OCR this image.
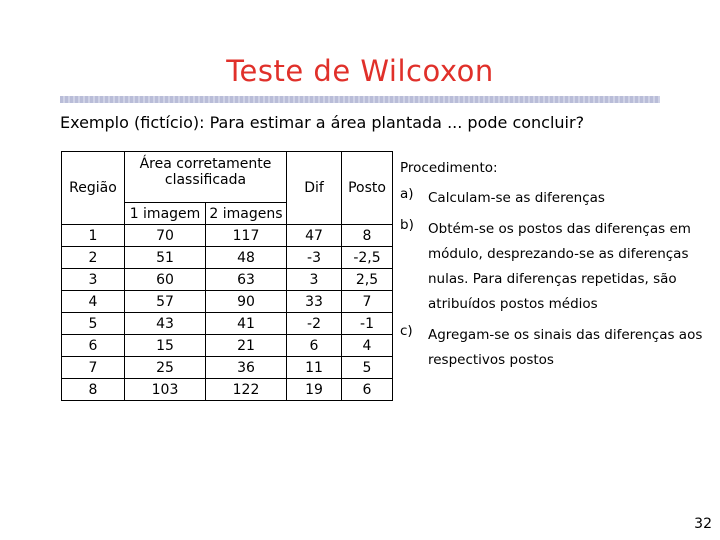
Teste de Wilcoxon
Exemplo (fictício): Para estimar a área plantada ... pode concluir?
Região	Área corretamente classificada		Dif	Posto
	1 imagem	2 imagens		
1	70	117	47	8
2	51	48	-3	-2,5
3	60	63	3	2,5
4	57	90	33	7
5	43	41	-2	-1
6	15	21	6	4
7	25	36	11	5
8	103	122	19	6
Procedimento:
a)	Calculam-se as diferenças
b)	Obtém-se os postos das diferenças em módulo, desprezando-se as diferenças nulas. Para diferenças repetidas, são atribuídos postos médios
c)	Agregam-se os sinais das diferenças aos respectivos postos
32
